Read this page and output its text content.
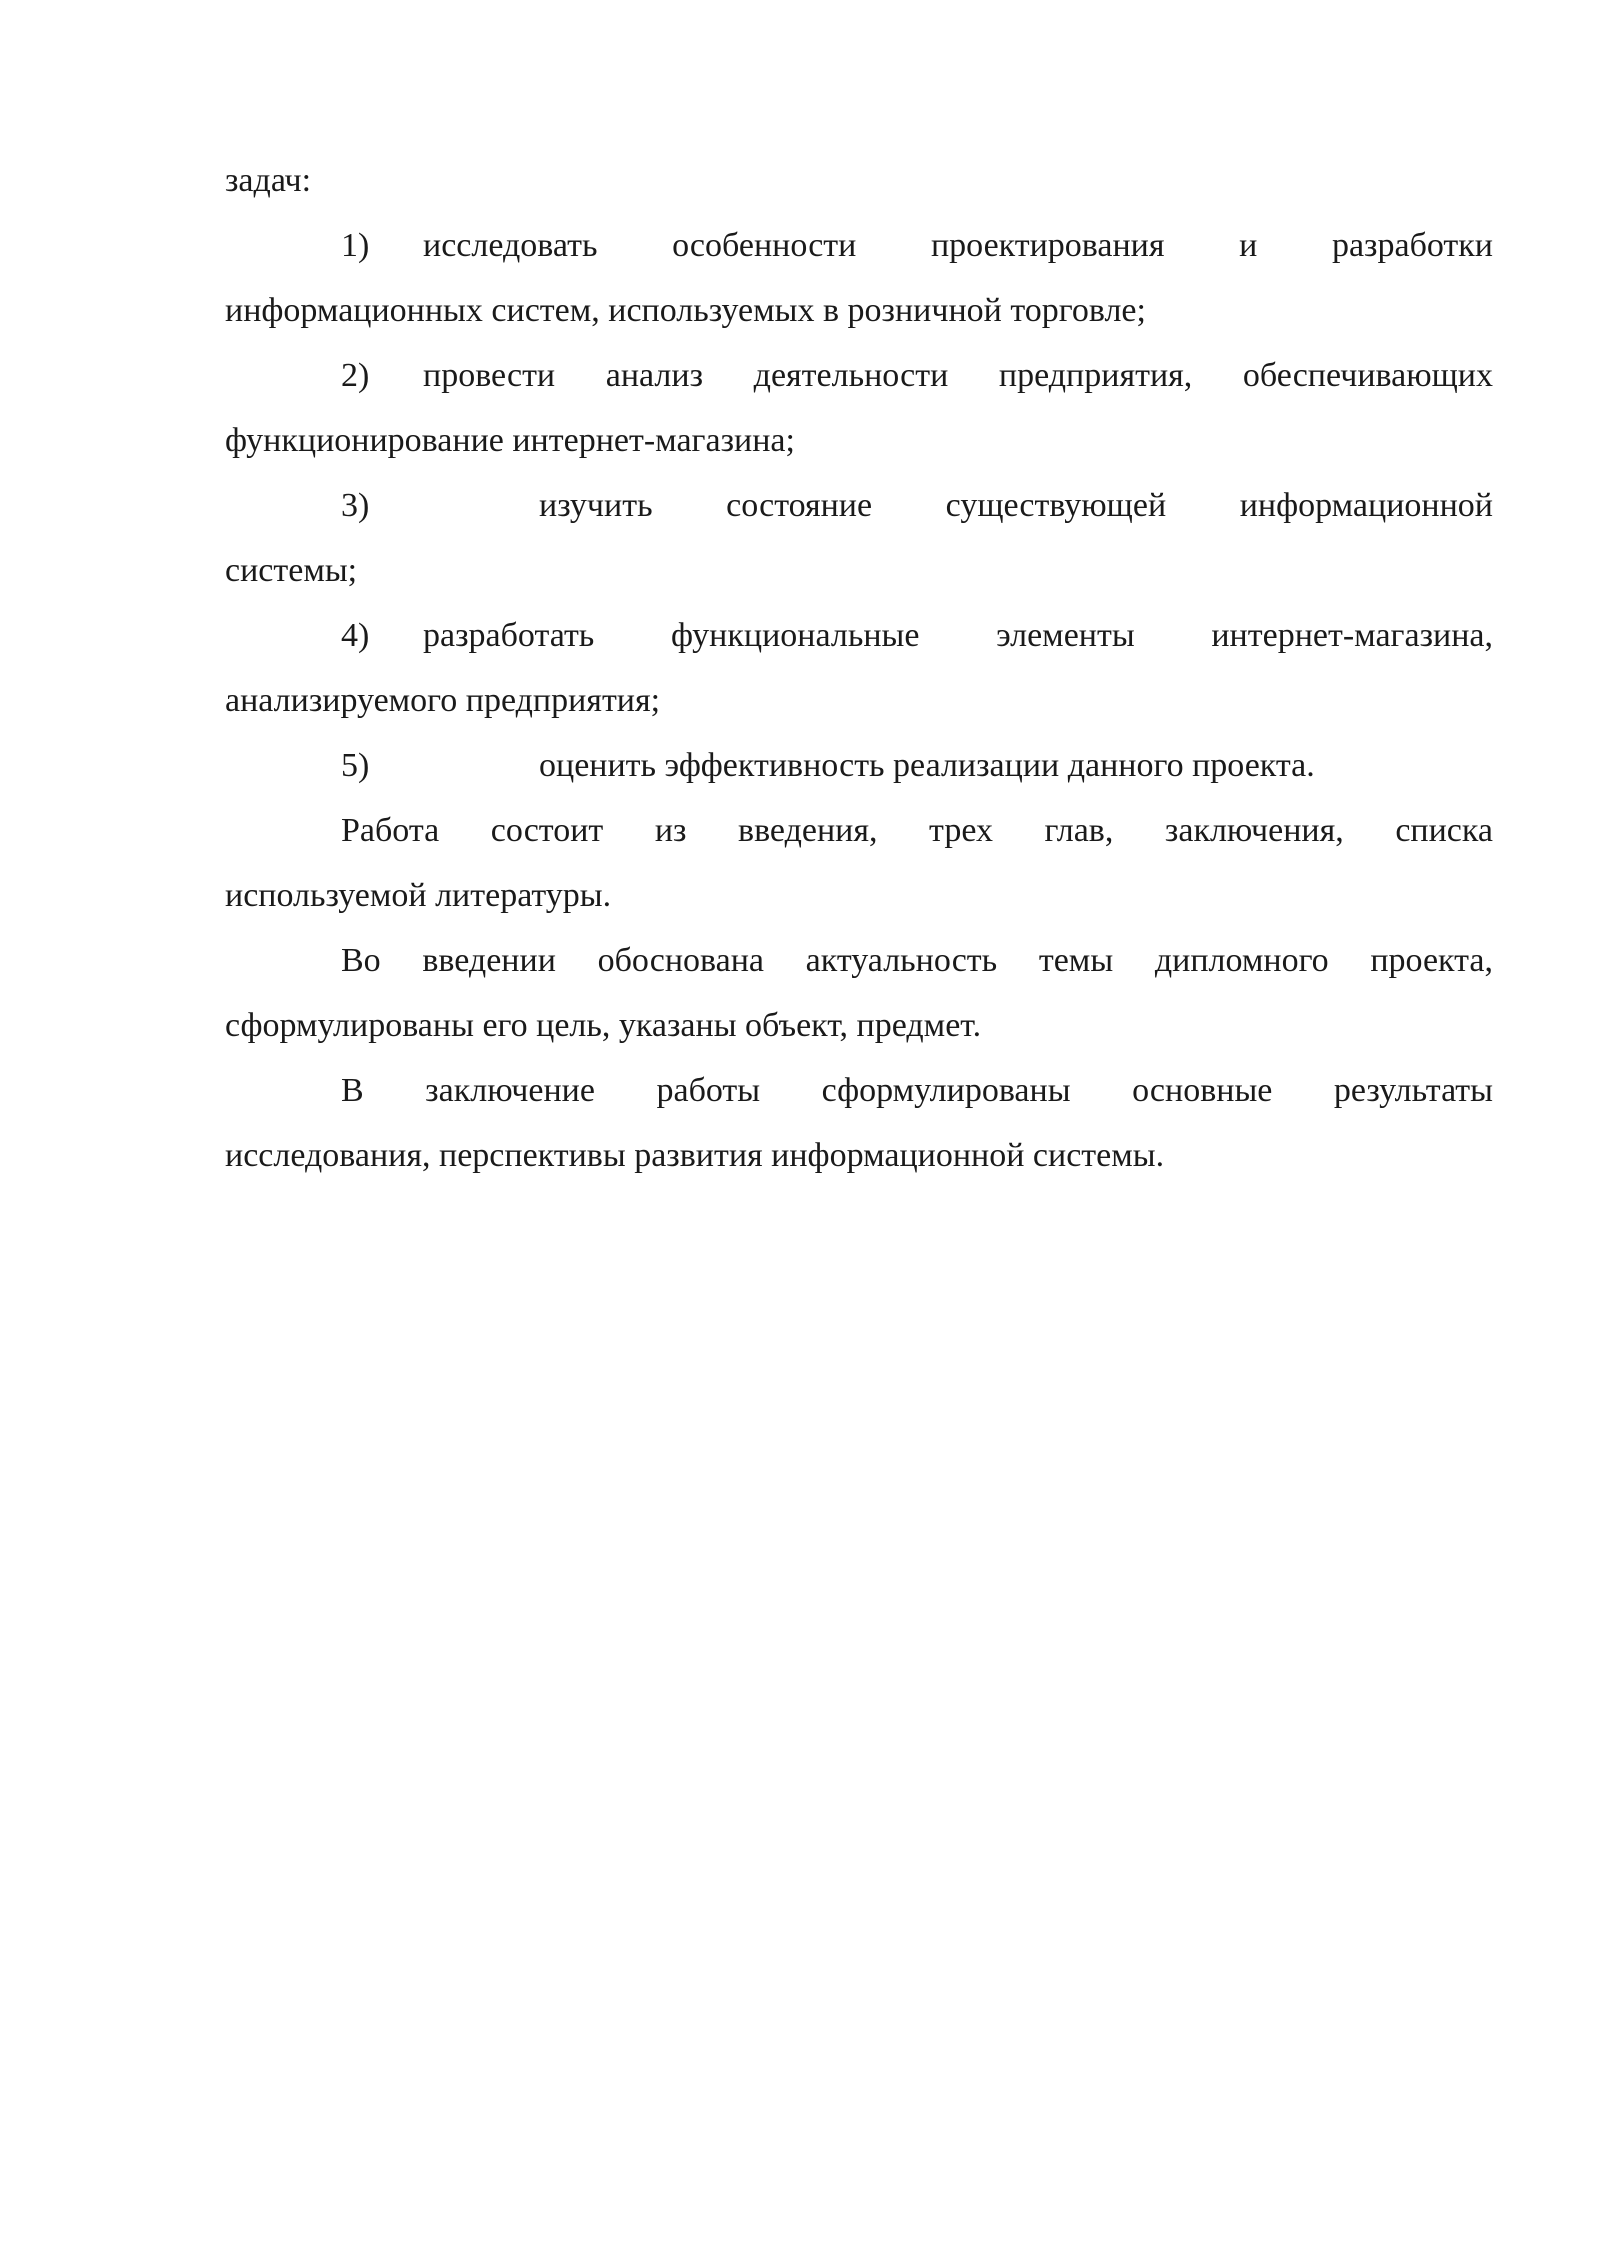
задач:
1)	исследовать особенности проектирования и разработки
информационных систем, используемых в розничной торговле;
2)	провести анализ деятельности предприятия, обеспечивающих
функционирование интернет-магазина;
3)	изучить состояние существующей информационной
системы;
4)	разработать функциональные элементы интернет-магазина,
анализируемого предприятия;
5)	оценить эффективность реализации данного проекта.
Работа состоит из введения, трех глав, заключения, списка
используемой литературы.
Во введении обоснована актуальность темы дипломного проекта,
сформулированы его цель, указаны объект, предмет.
В заключение работы сформулированы основные результаты
исследования, перспективы развития информационной системы.
